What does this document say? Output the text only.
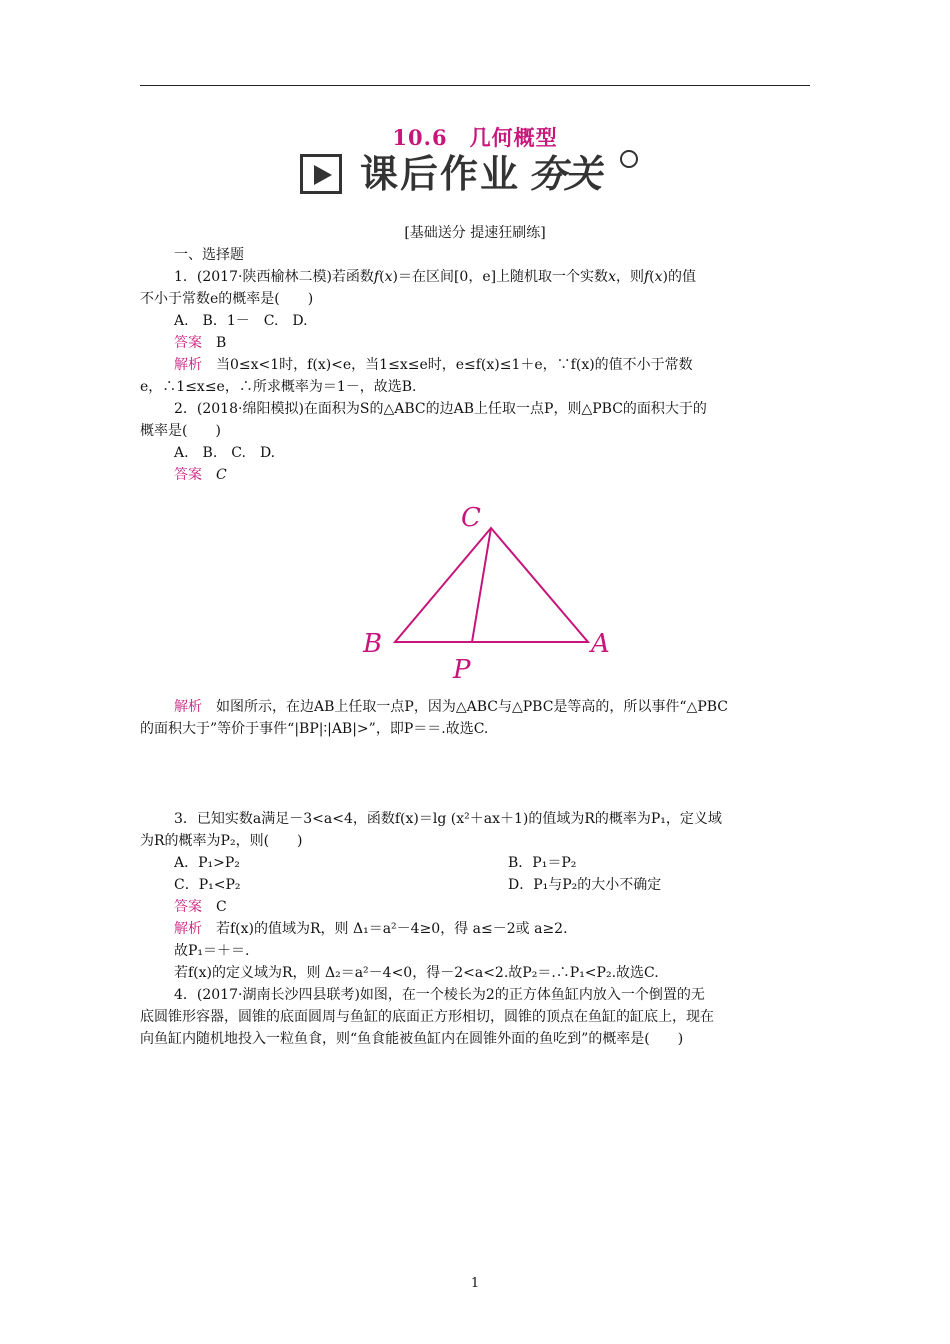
10.6　几何概型
课后作业 夯关
[基础送分 提速狂刷练]
一、选择题
1．(2017·陕西榆林二模)若函数f(x)＝在区间[0，e]上随机取一个实数x，则f(x)的值
不小于常数e的概率是(　　)
A.　B．1－　C.　D.
答案　 B
解析　 当0≤x<1时，f(x)<e，当1≤x≤e时，e≤f(x)≤1＋e，∵f(x)的值不小于常数
e，∴1≤x≤e，∴所求概率为＝1－，故选B.
2．(2018·绵阳模拟)在面积为S的△ABC的边AB上任取一点P，则△PBC的面积大于的
概率是(　　)
A.　B.　C.　D.
答案　 C
C
B
P
A
解析　 如图所示，在边AB上任取一点P，因为△ABC与△PBC是等高的，所以事件“△PBC
的面积大于”等价于事件“|BP|∶|AB|>”，即P＝＝.故选C.
3．已知实数a满足－3<a<4，函数f(x)＝lg (x²＋ax＋1)的值域为R的概率为P₁，定义域
为R的概率为P₂，则(　　)
A．P₁>P₂	B．P₁＝P₂
C．P₁<P₂	D．P₁与P₂的大小不确定
答案　 C
解析　 若f(x)的值域为R，则 Δ₁＝a²－4≥0，得 a≤－2或 a≥2.
故P₁＝＋＝.
若f(x)的定义域为R，则 Δ₂＝a²－4<0，得－2<a<2.故P₂＝.∴P₁<P₂.故选C.
4．(2017·湖南长沙四县联考)如图，在一个棱长为2的正方体鱼缸内放入一个倒置的无
底圆锥形容器，圆锥的底面圆周与鱼缸的底面正方形相切，圆锥的顶点在鱼缸的缸底上，现在
向鱼缸内随机地投入一粒鱼食，则“鱼食能被鱼缸内在圆锥外面的鱼吃到”的概率是(　　)
1
